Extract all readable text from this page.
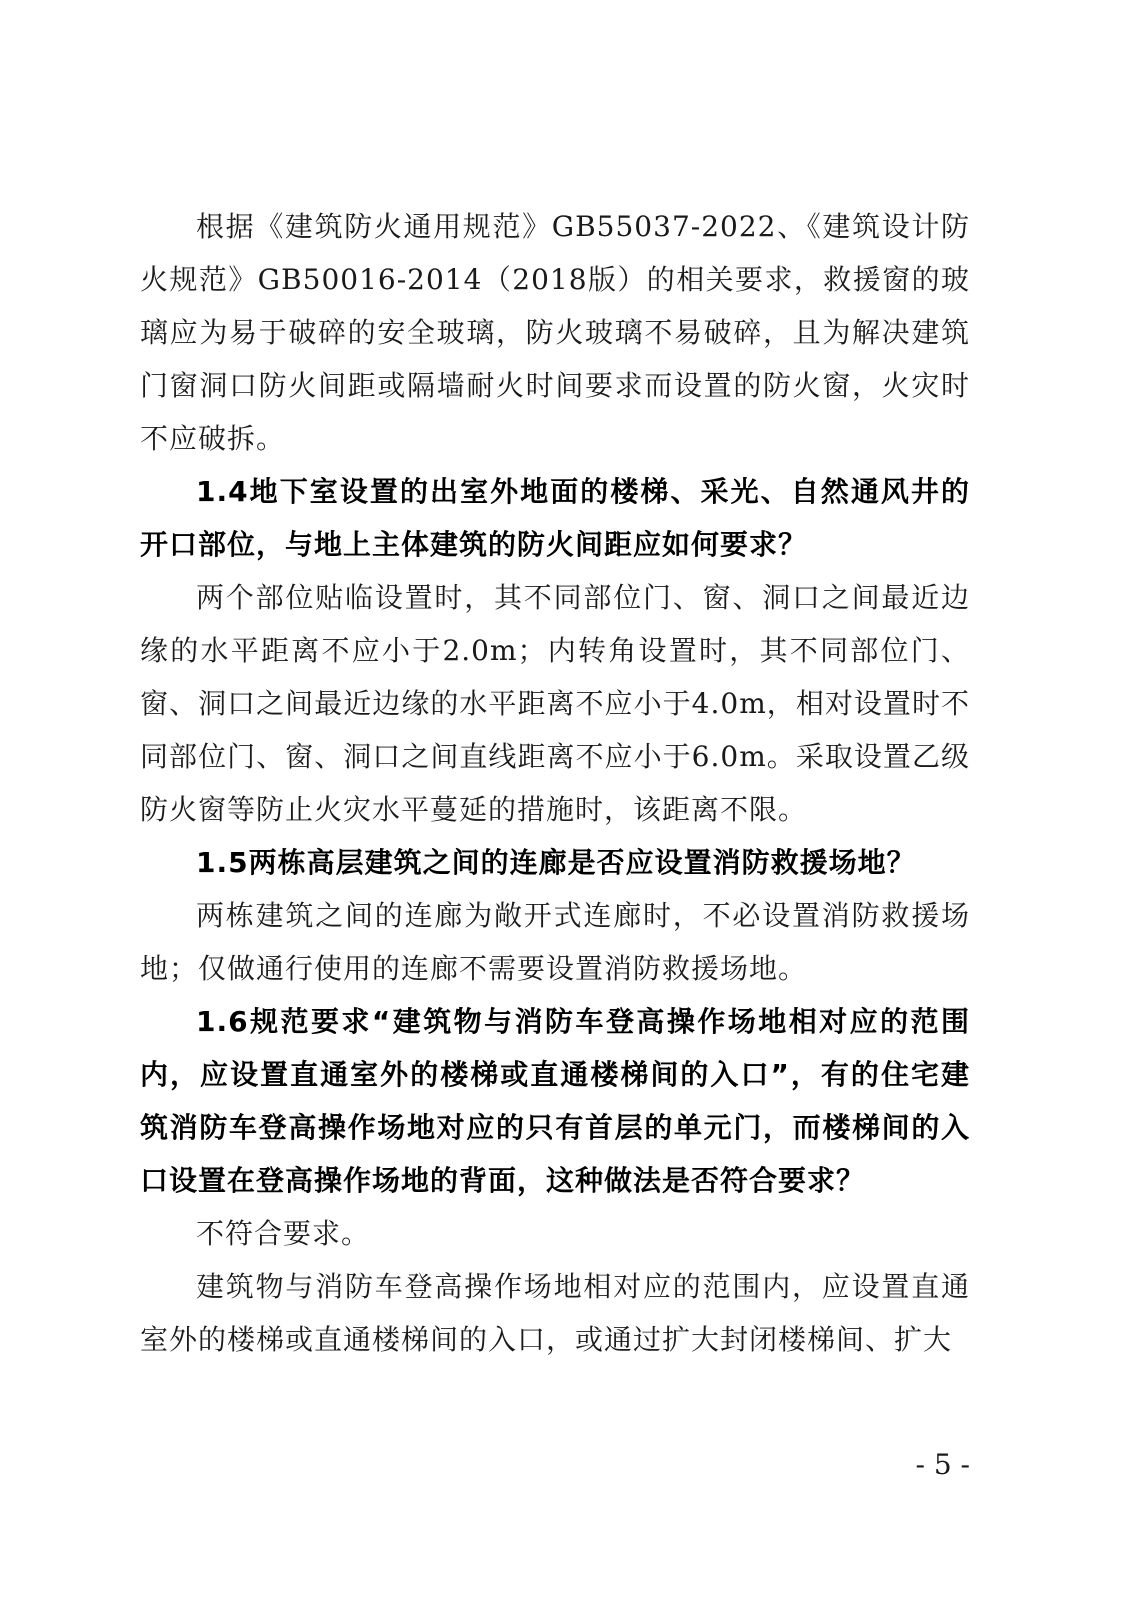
根据《建筑防火通用规范》GB55037-2022、《建筑设计防火规范》GB50016-2014（2018版）的相关要求，救援窗的玻璃应为易于破碎的安全玻璃，防火玻璃不易破碎，且为解决建筑门窗洞口防火间距或隔墙耐火时间要求而设置的防火窗，火灾时不应破拆。

1.4地下室设置的出室外地面的楼梯、采光、自然通风井的开口部位，与地上主体建筑的防火间距应如何要求？

两个部位贴临设置时，其不同部位门、窗、洞口之间最近边缘的水平距离不应小于2.0m；内转角设置时，其不同部位门、窗、洞口之间最近边缘的水平距离不应小于4.0m，相对设置时不同部位门、窗、洞口之间直线距离不应小于6.0m。采取设置乙级防火窗等防止火灾水平蔓延的措施时，该距离不限。

1.5两栋高层建筑之间的连廊是否应设置消防救援场地？

两栋建筑之间的连廊为敞开式连廊时，不必设置消防救援场地；仅做通行使用的连廊不需要设置消防救援场地。

1.6规范要求“建筑物与消防车登高操作场地相对应的范围内，应设置直通室外的楼梯或直通楼梯间的入口”，有的住宅建筑消防车登高操作场地对应的只有首层的单元门，而楼梯间的入口设置在登高操作场地的背面，这种做法是否符合要求？

不符合要求。

建筑物与消防车登高操作场地相对应的范围内，应设置直通室外的楼梯或直通楼梯间的入口，或通过扩大封闭楼梯间、扩大

- 5 -
